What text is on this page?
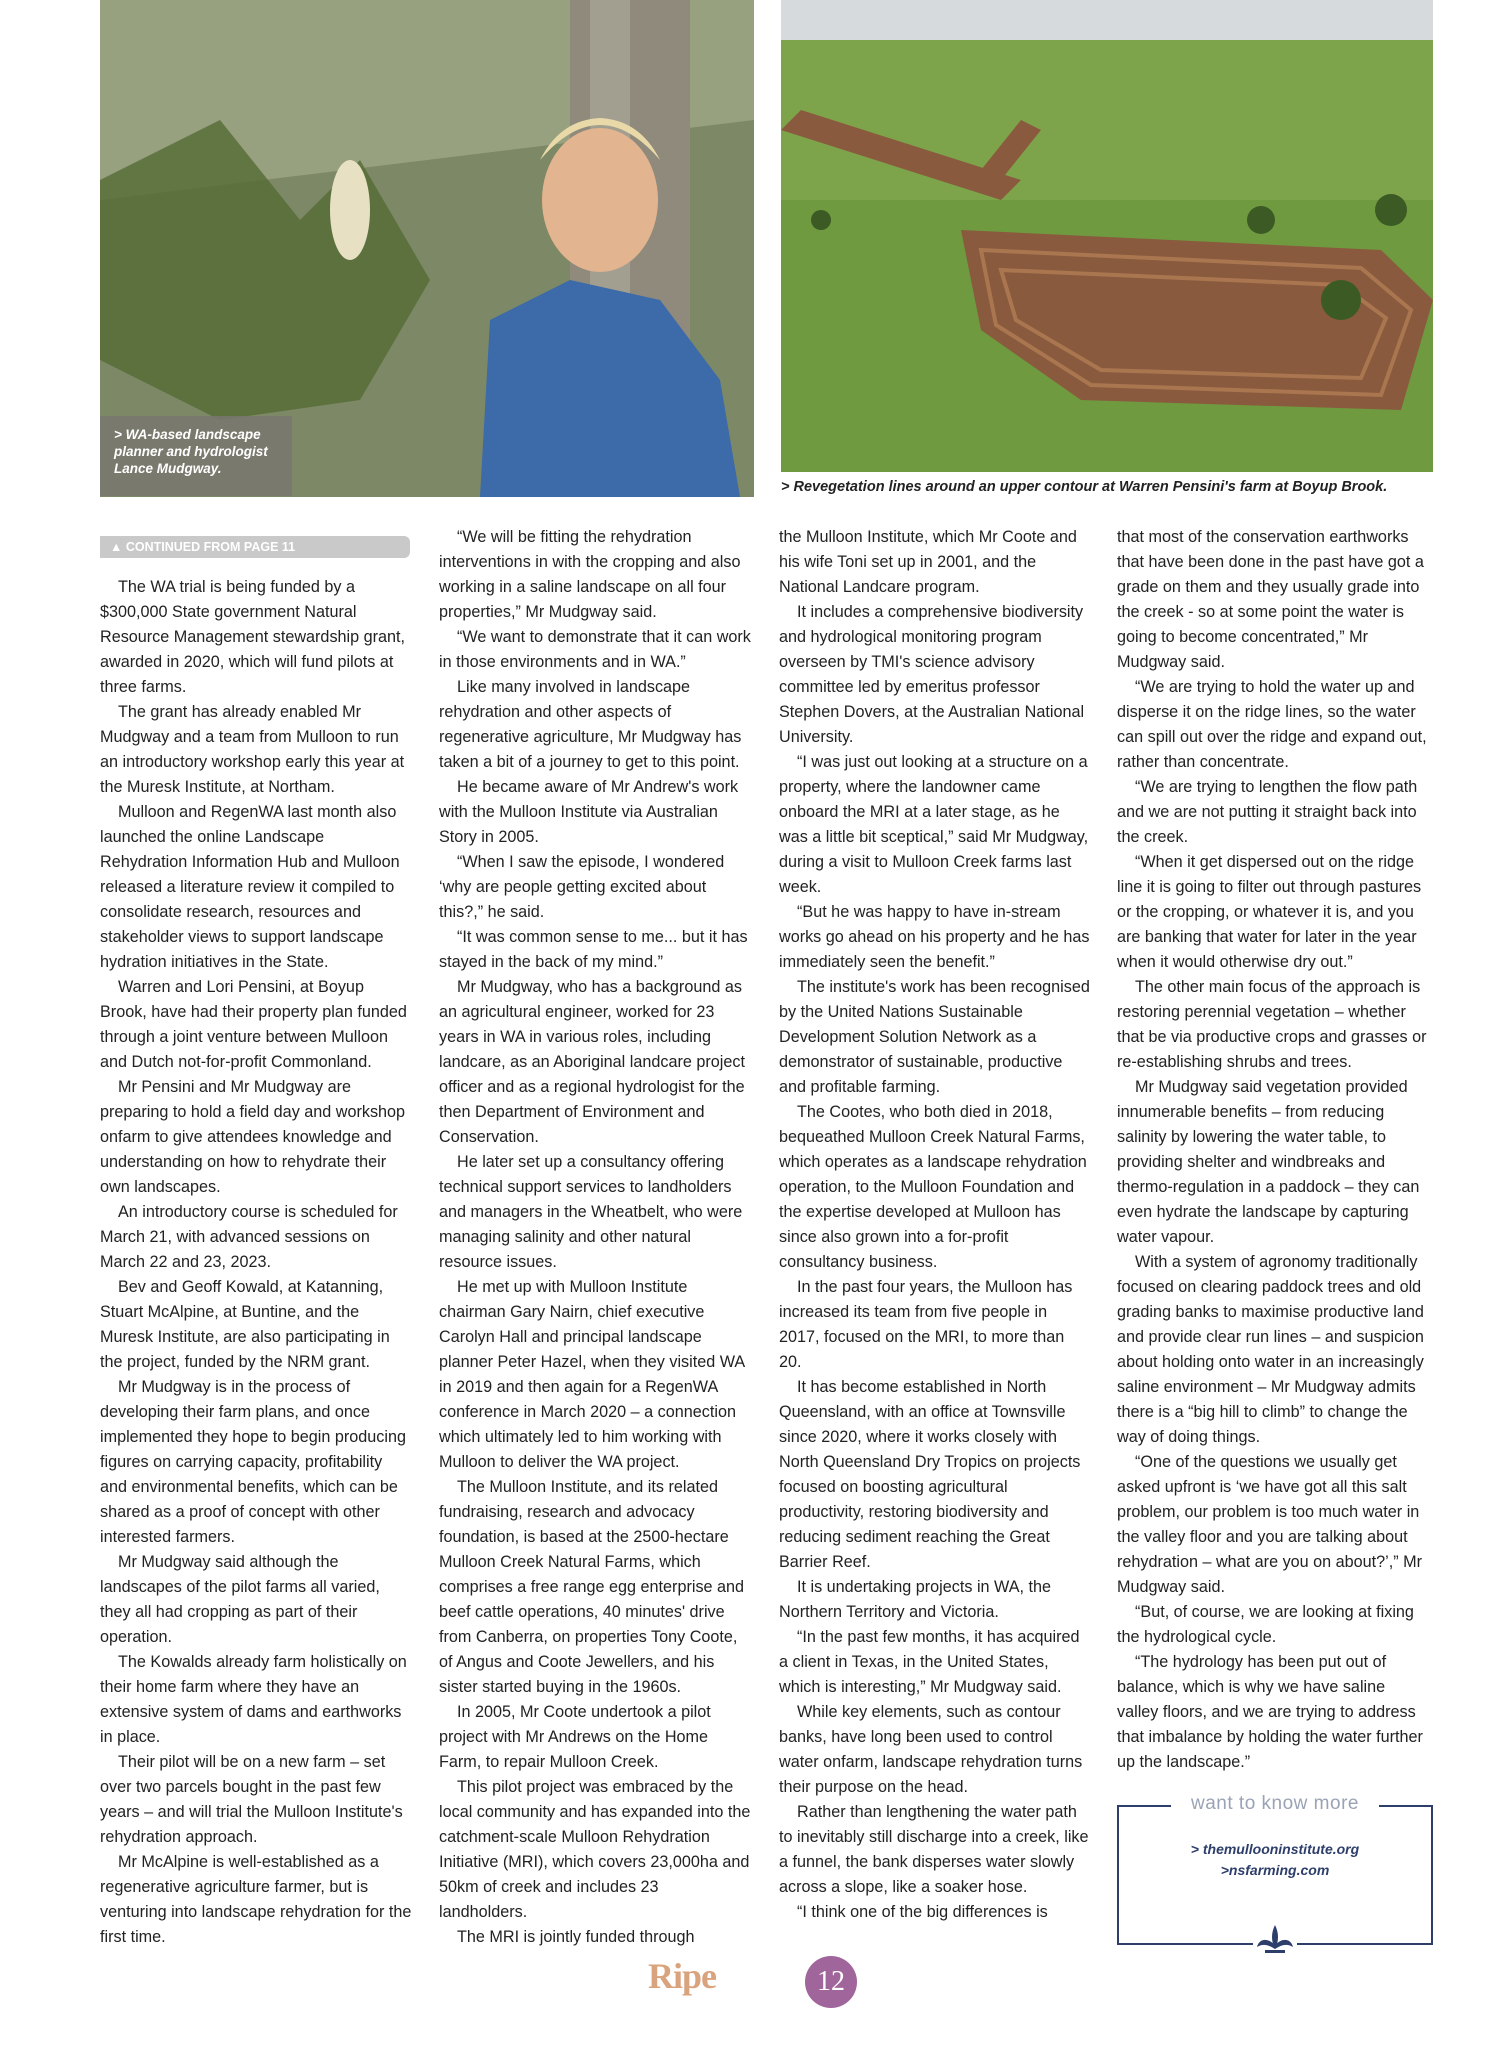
> WA-based landscape planner and hydrologist Lance Mudgway.
> Revegetation lines around an upper contour at Warren Pensini's farm at Boyup Brook.
▲ CONTINUED FROM PAGE 11

The WA trial is being funded by a $300,000 State government Natural Resource Management stewardship grant, awarded in 2020, which will fund pilots at three farms.

The grant has already enabled Mr Mudgway and a team from Mulloon to run an introductory workshop early this year at the Muresk Institute, at Northam.

Mulloon and RegenWA last month also launched the online Landscape Rehydration Information Hub and Mulloon released a literature review it compiled to consolidate research, resources and stakeholder views to support landscape hydration initiatives in the State.

Warren and Lori Pensini, at Boyup Brook, have had their property plan funded through a joint venture between Mulloon and Dutch not-for-profit Commonland.

Mr Pensini and Mr Mudgway are preparing to hold a field day and workshop onfarm to give attendees knowledge and understanding on how to rehydrate their own landscapes.

An introductory course is scheduled for March 21, with advanced sessions on March 22 and 23, 2023.

Bev and Geoff Kowald, at Katanning, Stuart McAlpine, at Buntine, and the Muresk Institute, are also participating in the project, funded by the NRM grant.

Mr Mudgway is in the process of developing their farm plans, and once implemented they hope to begin producing figures on carrying capacity, profitability and environmental benefits, which can be shared as a proof of concept with other interested farmers.

Mr Mudgway said although the landscapes of the pilot farms all varied, they all had cropping as part of their operation.

The Kowalds already farm holistically on their home farm where they have an extensive system of dams and earthworks in place.

Their pilot will be on a new farm – set over two parcels bought in the past few years – and will trial the Mulloon Institute's rehydration approach.

Mr McAlpine is well-established as a regenerative agriculture farmer, but is venturing into landscape rehydration for the first time.

“We will be fitting the rehydration interventions in with the cropping and also working in a saline landscape on all four properties,” Mr Mudgway said.

“We want to demonstrate that it can work in those environments and in WA.”

Like many involved in landscape rehydration and other aspects of regenerative agriculture, Mr Mudgway has taken a bit of a journey to get to this point.

He became aware of Mr Andrew's work with the Mulloon Institute via Australian Story in 2005.

“When I saw the episode, I wondered ‘why are people getting excited about this?,” he said.

“It was common sense to me... but it has stayed in the back of my mind.”

Mr Mudgway, who has a background as an agricultural engineer, worked for 23 years in WA in various roles, including landcare, as an Aboriginal landcare project officer and as a regional hydrologist for the then Department of Environment and Conservation.

He later set up a consultancy offering technical support services to landholders and managers in the Wheatbelt, who were managing salinity and other natural resource issues.

He met up with Mulloon Institute chairman Gary Nairn, chief executive Carolyn Hall and principal landscape planner Peter Hazel, when they visited WA in 2019 and then again for a RegenWA conference in March 2020 – a connection which ultimately led to him working with Mulloon to deliver the WA project.

The Mulloon Institute, and its related fundraising, research and advocacy foundation, is based at the 2500-hectare Mulloon Creek Natural Farms, which comprises a free range egg enterprise and beef cattle operations, 40 minutes' drive from Canberra, on properties Tony Coote, of Angus and Coote Jewellers, and his sister started buying in the 1960s.

In 2005, Mr Coote undertook a pilot project with Mr Andrews on the Home Farm, to repair Mulloon Creek.

This pilot project was embraced by the local community and has expanded into the catchment-scale Mulloon Rehydration Initiative (MRI), which covers 23,000ha and 50km of creek and includes 23 landholders.

The MRI is jointly funded through

the Mulloon Institute, which Mr Coote and his wife Toni set up in 2001, and the National Landcare program.

It includes a comprehensive biodiversity and hydrological monitoring program overseen by TMI's science advisory committee led by emeritus professor Stephen Dovers, at the Australian National University.

“I was just out looking at a structure on a property, where the landowner came onboard the MRI at a later stage, as he was a little bit sceptical,” said Mr Mudgway, during a visit to Mulloon Creek farms last week.

“But he was happy to have in-stream works go ahead on his property and he has immediately seen the benefit.”

The institute's work has been recognised by the United Nations Sustainable Development Solution Network as a demonstrator of sustainable, productive and profitable farming.

The Cootes, who both died in 2018, bequeathed Mulloon Creek Natural Farms, which operates as a landscape rehydration operation, to the Mulloon Foundation and the expertise developed at Mulloon has since also grown into a for-profit consultancy business.

In the past four years, the Mulloon has increased its team from five people in 2017, focused on the MRI, to more than 20.

It has become established in North Queensland, with an office at Townsville since 2020, where it works closely with North Queensland Dry Tropics on projects focused on boosting agricultural productivity, restoring biodiversity and reducing sediment reaching the Great Barrier Reef.

It is undertaking projects in WA, the Northern Territory and Victoria.

“In the past few months, it has acquired a client in Texas, in the United States, which is interesting,” Mr Mudgway said.

While key elements, such as contour banks, have long been used to control water onfarm, landscape rehydration turns their purpose on the head.

Rather than lengthening the water path to inevitably still discharge into a creek, like a funnel, the bank disperses water slowly across a slope, like a soaker hose.

“I think one of the big differences is

that most of the conservation earthworks that have been done in the past have got a grade on them and they usually grade into the creek - so at some point the water is going to become concentrated,” Mr Mudgway said.

“We are trying to hold the water up and disperse it on the ridge lines, so the water can spill out over the ridge and expand out, rather than concentrate.

“We are trying to lengthen the flow path and we are not putting it straight back into the creek.

“When it get dispersed out on the ridge line it is going to filter out through pastures or the cropping, or whatever it is, and you are banking that water for later in the year when it would otherwise dry out.”

The other main focus of the approach is restoring perennial vegetation – whether that be via productive crops and grasses or re-establishing shrubs and trees.

Mr Mudgway said vegetation provided innumerable benefits – from reducing salinity by lowering the water table, to providing shelter and windbreaks and thermo-regulation in a paddock – they can even hydrate the landscape by capturing water vapour.

With a system of agronomy traditionally focused on clearing paddock trees and old grading banks to maximise productive land and provide clear run lines – and suspicion about holding onto water in an increasingly saline environment – Mr Mudgway admits there is a “big hill to climb” to change the way of doing things.

“One of the questions we usually get asked upfront is ‘we have got all this salt problem, our problem is too much water in the valley floor and you are talking about rehydration – what are you on about?’,” Mr Mudgway said.

“But, of course, we are looking at fixing the hydrological cycle.

“The hydrology has been put out of balance, which is why we have saline valley floors, and we are trying to address that imbalance by holding the water further up the landscape.”

want to know more
> themullooninstitute.org
>nsfarming.com
Ripe	12
